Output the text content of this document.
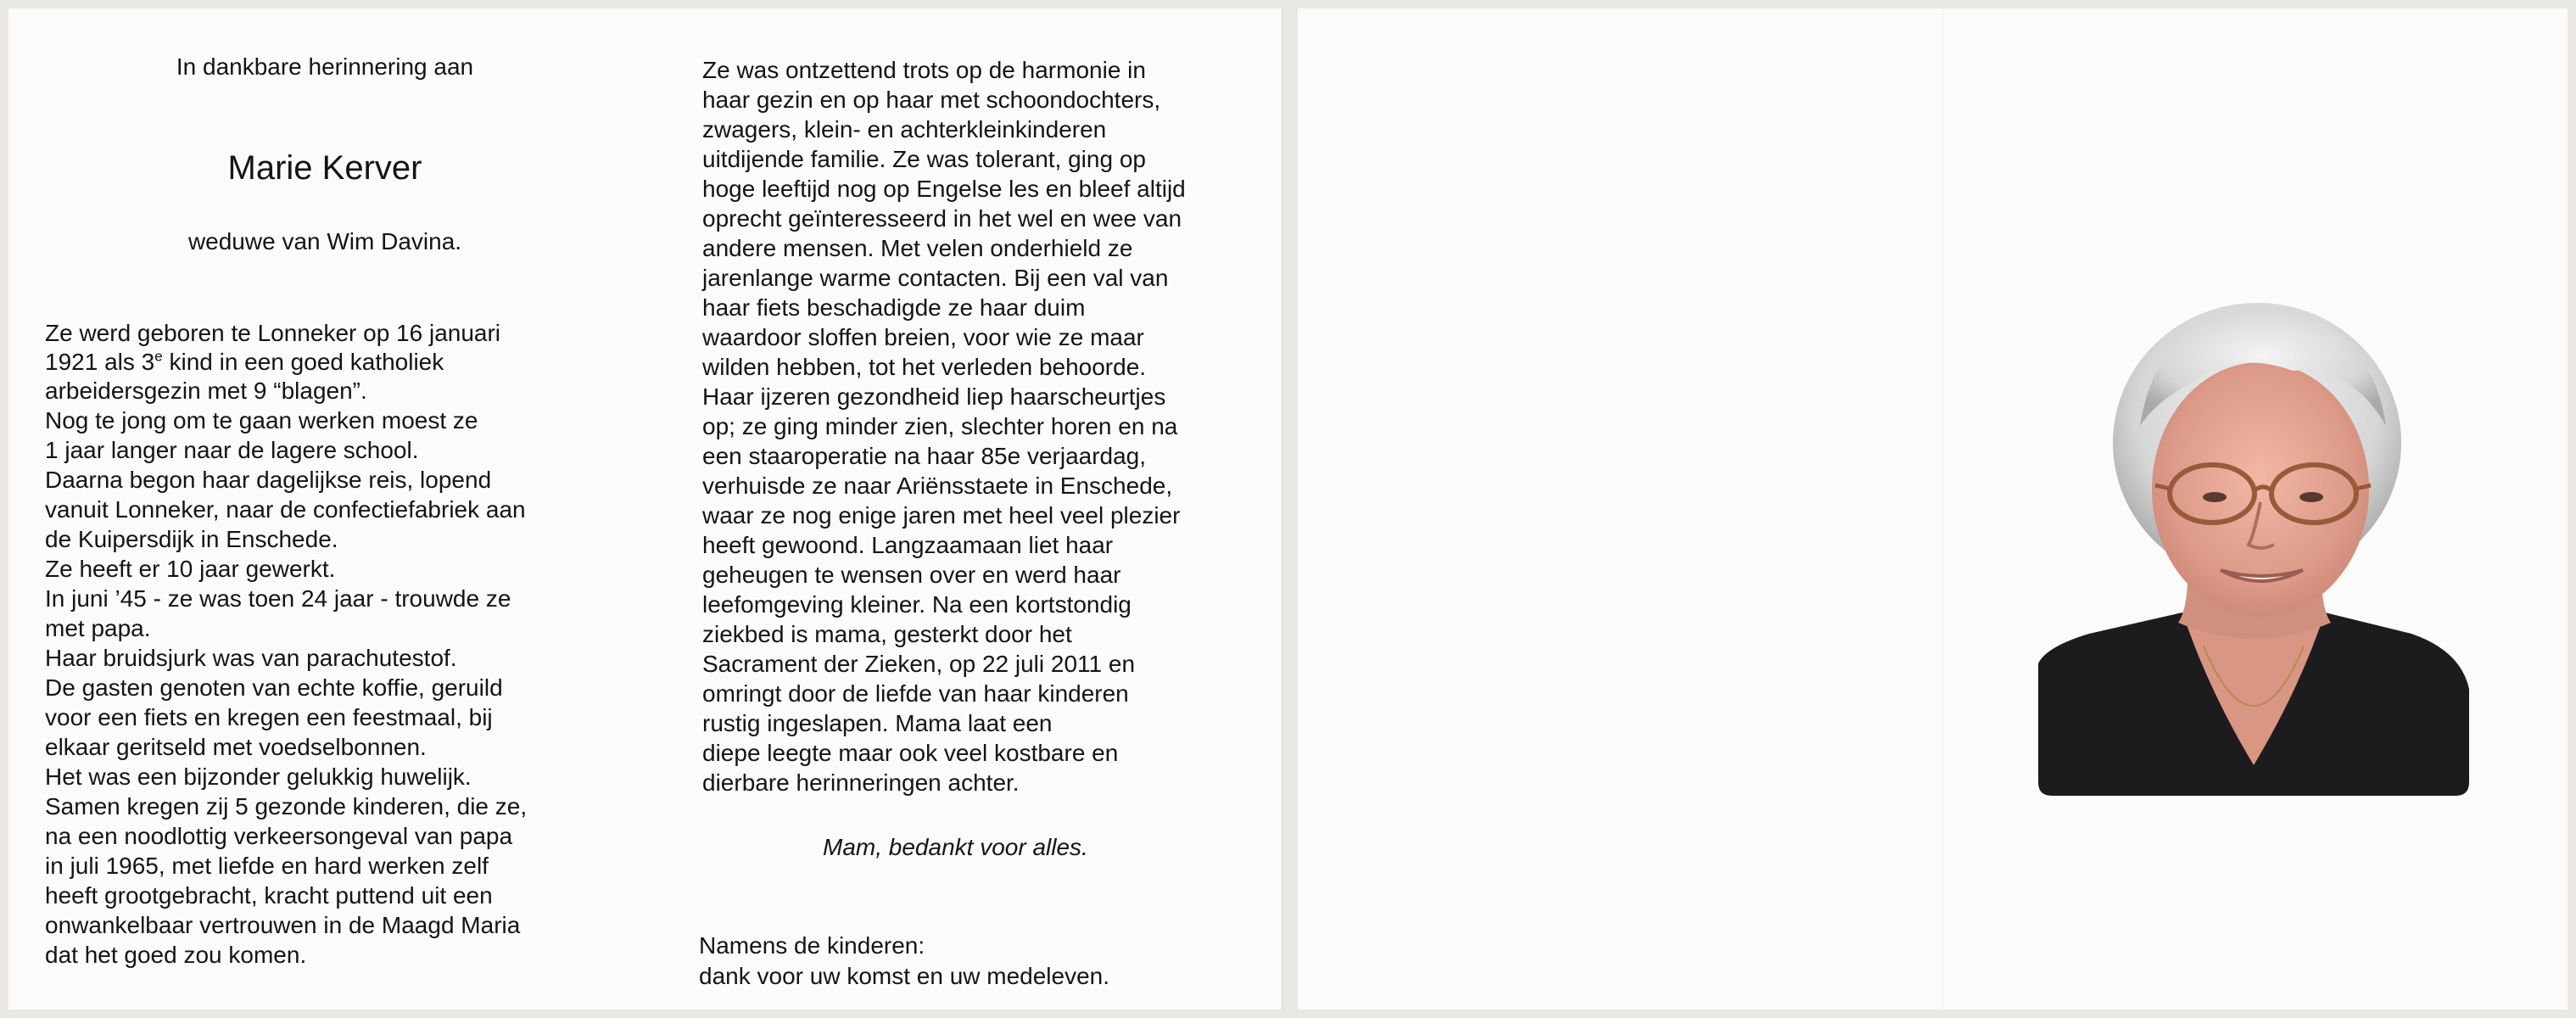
In dankbare herinnering aan
Marie Kerver
weduwe van Wim Davina.
Ze werd geboren te Lonneker op 16 januari
1921 als 3e kind in een goed katholiek
arbeidersgezin met 9 “blagen”.
Nog te jong om te gaan werken moest ze
1 jaar langer naar de lagere school.
Daarna begon haar dagelijkse reis, lopend
vanuit Lonneker, naar de confectiefabriek aan
de Kuipersdijk in Enschede.
Ze heeft er 10 jaar gewerkt.
In juni ’45 - ze was toen 24 jaar - trouwde ze
met papa.
Haar bruidsjurk was van parachutestof.
De gasten genoten van echte koffie, geruild
voor een fiets en kregen een feestmaal, bij
elkaar geritseld met voedselbonnen.
Het was een bijzonder gelukkig huwelijk.
Samen kregen zij 5 gezonde kinderen, die ze,
na een noodlottig verkeersongeval van papa
in juli 1965, met liefde en hard werken zelf
heeft grootgebracht, kracht puttend uit een
onwankelbaar vertrouwen in de Maagd Maria
dat het goed zou komen.
Ze was ontzettend trots op de harmonie in
haar gezin en op haar met schoondochters,
zwagers, klein- en achterkleinkinderen
uitdijende familie. Ze was tolerant, ging op
hoge leeftijd nog op Engelse les en bleef altijd
oprecht geïnteresseerd in het wel en wee van
andere mensen. Met velen onderhield ze
jarenlange warme contacten. Bij een val van
haar fiets beschadigde ze haar duim
waardoor sloffen breien, voor wie ze maar
wilden hebben, tot het verleden behoorde.
Haar ijzeren gezondheid liep haarscheurtjes
op; ze ging minder zien, slechter horen en na
een staaroperatie na haar 85e verjaardag,
verhuisde ze naar Ariënsstaete in Enschede,
waar ze nog enige jaren met heel veel plezier
heeft gewoond. Langzaamaan liet haar
geheugen te wensen over en werd haar
leefomgeving kleiner. Na een kortstondig
ziekbed is mama, gesterkt door het
Sacrament der Zieken, op 22 juli 2011 en
omringt door de liefde van haar kinderen
rustig ingeslapen. Mama laat een
diepe leegte maar ook veel kostbare en
dierbare herinneringen achter.
Mam, bedankt voor alles.
Namens de kinderen:
dank voor uw komst en uw medeleven.
